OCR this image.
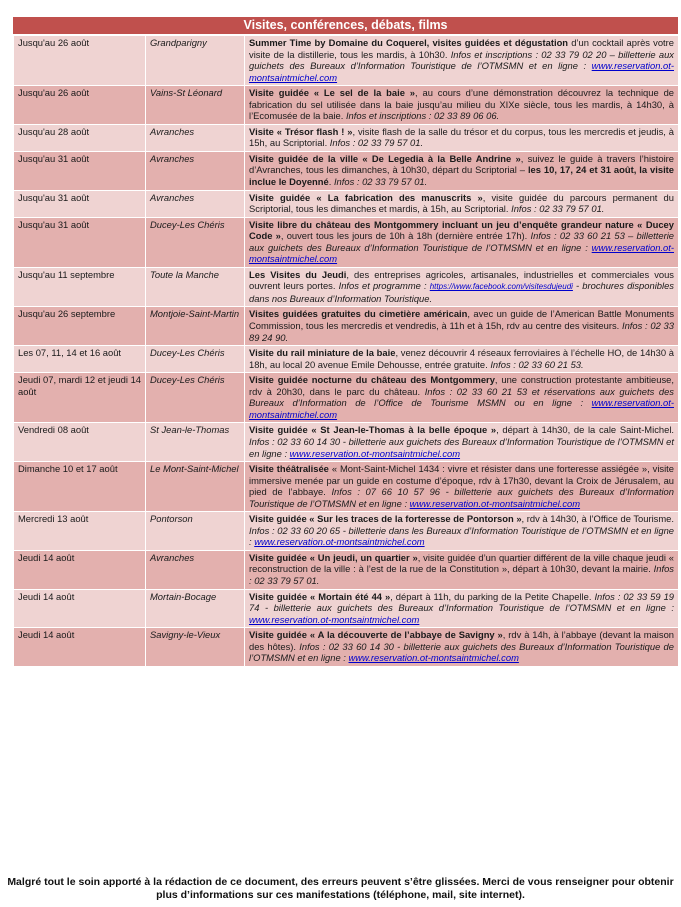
Visites, conférences, débats, films
Jusqu'au 26 août	Grandparigny	Summer Time by Domaine du Coquerel, visites guidées et dégustation d’un cocktail après votre visite de la distillerie, tous les mardis, à 10h30. Infos et inscriptions : 02 33 79 02 20 – billetterie aux guichets des Bureaux d’Information Touristique de l’OTMSMN et en ligne : www.reservation.ot-montsaintmichel.com
Jusqu'au 26 août	Vains-St Léonard	Visite guidée « Le sel de la baie », au cours d’une démonstration découvrez la technique de fabrication du sel utilisée dans la baie jusqu’au milieu du XIXe siècle, tous les mardis, à 14h30, à l’Ecomusée de la baie. Infos et inscriptions : 02 33 89 06 06.
Jusqu'au 28 août	Avranches	Visite « Trésor flash ! », visite flash de la salle du trésor et du corpus, tous les mercredis et jeudis, à 15h, au Scriptorial. Infos : 02 33 79 57 01.
Jusqu'au 31 août	Avranches	Visite guidée de la ville « De Legedia à la Belle Andrine », suivez le guide à travers l’histoire d’Avranches, tous les dimanches, à 10h30, départ du Scriptorial – les 10, 17, 24 et 31 août, la visite inclue le Doyenné. Infos : 02 33 79 57 01.
Jusqu'au 31 août	Avranches	Visite guidée « La fabrication des manuscrits », visite guidée du parcours permanent du Scriptorial, tous les dimanches et mardis, à 15h, au Scriptorial. Infos : 02 33 79 57 01.
Jusqu'au 31 août	Ducey-Les Chéris	Visite libre du château des Montgommery incluant un jeu d’enquête grandeur nature « Ducey Code », ouvert tous les jours de 10h à 18h (dernière entrée 17h). Infos : 02 33 60 21 53 – billetterie aux guichets des Bureaux d’Information Touristique de l’OTMSMN et en ligne : www.reservation.ot-montsaintmichel.com
Jusqu'au 11 septembre	Toute la Manche	Les Visites du Jeudi, des entreprises agricoles, artisanales, industrielles et commerciales vous ouvrent leurs portes. Infos et programme : https://www.facebook.com/visitesdujeudi - brochures disponibles dans nos Bureaux d’Information Touristique.
Jusqu'au 26 septembre	Montjoie-Saint-Martin	Visites guidées gratuites du cimetière américain, avec un guide de l’American Battle Monuments Commission, tous les mercredis et vendredis, à 11h et à 15h, rdv au centre des visiteurs. Infos : 02 33 89 24 90.
Les 07, 11, 14 et 16 août	Ducey-Les Chéris	Visite du rail miniature de la baie, venez découvrir 4 réseaux ferroviaires à l’échelle HO, de 14h30 à 18h, au local 20 avenue Emile Dehousse, entrée gratuite. Infos : 02 33 60 21 53.
Jeudi 07, mardi 12 et jeudi 14 août	Ducey-Les Chéris	Visite guidée nocturne du château des Montgommery, une construction protestante ambitieuse, rdv à 20h30, dans le parc du château. Infos : 02 33 60 21 53 et réservations aux guichets des Bureaux d’Information de l’Office de Tourisme MSMN ou en ligne : www.reservation.ot-montsaintmichel.com
Vendredi 08 août	St Jean-le-Thomas	Visite guidée « St Jean-le-Thomas à la belle époque », départ à 14h30, de la cale Saint-Michel. Infos : 02 33 60 14 30 - billetterie aux guichets des Bureaux d’Information Touristique de l’OTMSMN et en ligne : www.reservation.ot-montsaintmichel.com
Dimanche 10 et 17 août	Le Mont-Saint-Michel	Visite théâtralisée « Mont-Saint-Michel 1434 : vivre et résister dans une forteresse assiégée », visite immersive menée par un guide en costume d’époque, rdv à 17h30, devant la Croix de Jérusalem, au pied de l’abbaye. Infos : 07 66 10 57 96 - billetterie aux guichets des Bureaux d’Information Touristique de l’OTMSMN et en ligne : www.reservation.ot-montsaintmichel.com
Mercredi 13 août	Pontorson	Visite guidée « Sur les traces de la forteresse de Pontorson », rdv à 14h30, à l’Office de Tourisme. Infos : 02 33 60 20 65 - billetterie dans les Bureaux d’Information Touristique de l’OTMSMN et en ligne : www.reservation.ot-montsaintmichel.com
Jeudi 14 août	Avranches	Visite guidée « Un jeudi, un quartier », visite guidée d’un quartier différent de la ville chaque jeudi « reconstruction de la ville : à l’est de la rue de la Constitution », départ à 10h30, devant la mairie. Infos : 02 33 79 57 01.
Jeudi 14 août	Mortain-Bocage	Visite guidée « Mortain été 44 », départ à 11h, du parking de la Petite Chapelle. Infos : 02 33 59 19 74 - billetterie aux guichets des Bureaux d’Information Touristique de l’OTMSMN et en ligne : www.reservation.ot-montsaintmichel.com
Jeudi 14 août	Savigny-le-Vieux	Visite guidée « A la découverte de l’abbaye de Savigny », rdv à 14h, à l’abbaye (devant la maison des hôtes). Infos : 02 33 60 14 30 - billetterie aux guichets des Bureaux d’Information Touristique de l’OTMSMN et en ligne : www.reservation.ot-montsaintmichel.com
Malgré tout le soin apporté à la rédaction de ce document, des erreurs peuvent s’être glissées. Merci de vous renseigner pour obtenir plus d’informations sur ces manifestations (téléphone, mail, site internet).
